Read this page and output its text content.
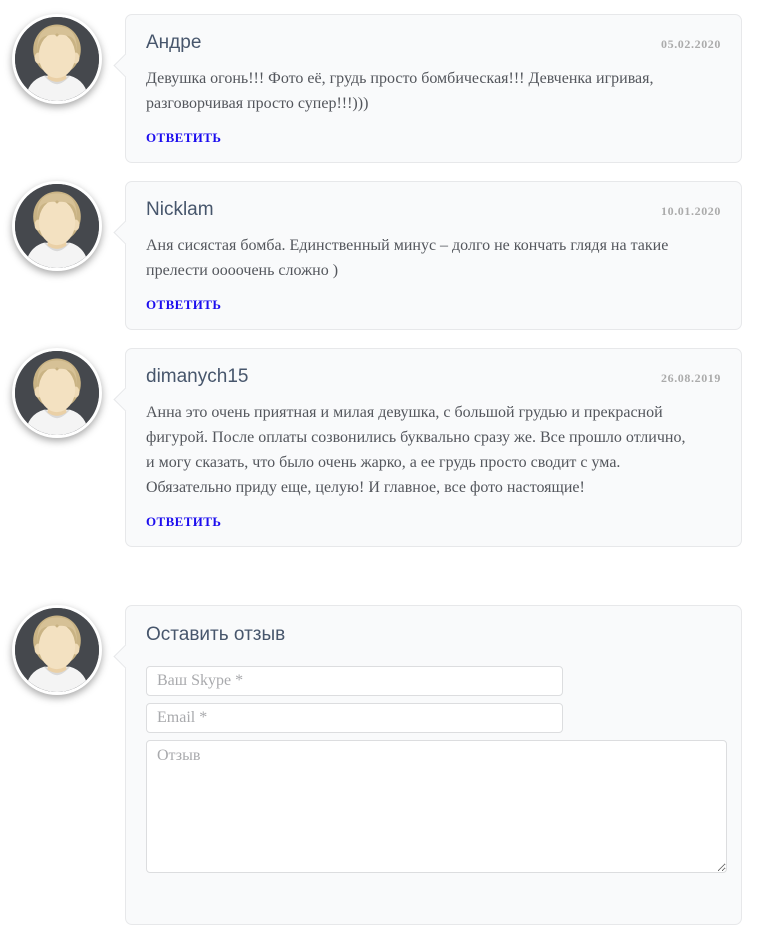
Андре	05.02.2020

Девушка огонь!!! Фото её, грудь просто бомбическая!!! Девченка игривая, разговорчивая просто супер!!!)))

ОТВЕТИТЬ
Nicklam	10.01.2020

Аня сисястая бомба. Единственный минус – долго не кончать глядя на такие прелести оооочень сложно )

ОТВЕТИТЬ
dimanych15	26.08.2019

Анна это очень приятная и милая девушка, с большой грудью и прекрасной фигурой. После оплаты созвонились буквально сразу же. Все прошло отлично, и могу сказать, что было очень жарко, а ее грудь просто сводит с ума. Обязательно приду еще, целую! И главное, все фото настоящие!

ОТВЕТИТЬ
Оставить отзыв
Ваш Skype *
Email *
Отзыв
